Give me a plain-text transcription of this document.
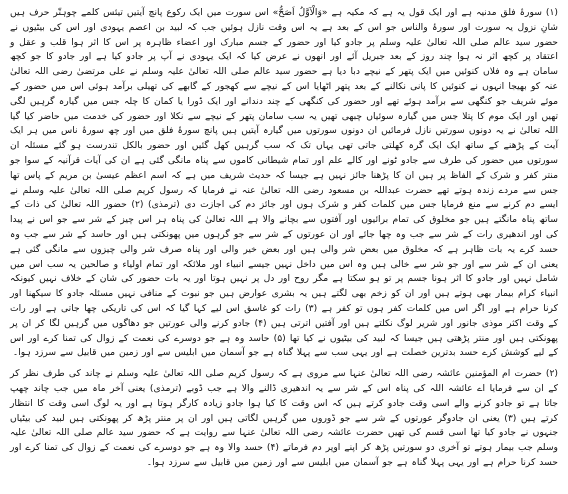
(۱) سورۂ فلق مدنیہ ہے اور ایک قول یہ ہے کہ مکیہ ہے «وَالْاَوَّلُ اَصَحُّ» اس سورت میں ایک رکوع پانچ آیتیں تیئس کلمے چوہتّر حرف ہیں شانِ نزول یہ سورت اور سورۂ والناس جو اس کے بعد ہے یہ اس وقت نازل ہوئیں جب کہ لبید بن اعصم یہودی اور اس کی بیٹیوں نے حضور سید عالم صلی اللہ تعالیٰ علیہ وسلم پر جادو کیا اور حضور کے جسم مبارک اور اعضاء ظاہرہ پر اس کا اثر ہوا قلب و عقل و اعتقاد پر کچھ اثر نہ ہوا چند روز کے بعد جبریل آئے اور انھوں نے عرض کیا کہ ایک یہودی نے آپ پر جادو کیا ہے اور جادو کا جو کچھ سامان ہے وہ فلاں کنوئیں میں ایک پتھر کے نیچے دبا دیا ہے حضور سید عالم صلی اللہ تعالیٰ علیہ وسلم نے علی مرتضیٰ رضی اللہ تعالیٰ عنہ کو بھیجا انہوں نے کنوئیں کا پانی نکالنے کے بعد پتھر اٹھایا اس کے نیچے سے کھجور کے گابھے کی تھیلی برآمد ہوئی اس میں حضور کے موئے شریف جو کنگھی سے برآمد ہوئے تھے اور حضور کی کنگھی کے چند دندانے اور ایک ڈورا یا کمان کا چلہ جس میں گیارہ گرہیں لگی تھیں اور ایک موم کا پتلا جس میں گیارہ سوئیاں چبھی تھیں یہ سب سامان پتھر کے نیچے سے نکلا اور حضور کی خدمت میں حاضر کیا گیا اللہ تعالیٰ نے یہ دونوں سورتیں نازل فرمائیں ان دونوں سورتوں میں گیارہ آیتیں ہیں پانچ سورۂ فلق میں اور چھ سورۂ ناس میں ہر ایک آیت کے پڑھنے کے ساتھ ایک ایک گرہ کھلتی جاتی تھی یہاں تک کہ سب گرہیں کھل گئیں اور حضور بالکل تندرست ہو گئے مسئلہ ان سورتوں میں حضور کی طرف سے جادو ٹونے اور کالے علم اور تمام شیطانی کاموں سے پناہ مانگی گئی ہے ان کی آیات قرآنیہ کے سوا جو منتر کفر و شرک کے الفاظ پر ہیں ان کا پڑھنا جائز نہیں ہے جیسا کہ حدیث شریف میں ہے کہ اسم اعظم عیسیٰ بن مریم کے پاس تھا جس سے مردے زندہ ہوتے تھے حضرت عبداللہ بن مسعود رضی اللہ تعالیٰ عنہ نے فرمایا کہ رسول کریم صلی اللہ تعالیٰ علیہ وسلم نے ایسے دم کرنے سے منع فرمایا جس میں کلمات کفر و شرک ہوں اور جائز دم کی اجازت دی (ترمذی) (۲) حضور اللہ تعالیٰ کی ذات کے ساتھ پناہ مانگتے ہیں جو مخلوق کی تمام برائیوں اور آفتوں سے بچانے والا ہے اللہ تعالیٰ کی پناہ ہر اس چیز کے شر سے جو اس نے پیدا کی اور اندھیری رات کے شر سے جب وہ چھا جائے اور ان عورتوں کے شر سے جو گرہوں میں پھونکتی ہیں اور حاسد کے شر سے جب وہ حسد کرے یہ بات ظاہر ہے کہ مخلوق میں بعض شر والی ہیں اور بعض خیر والی اور پناہ صرف شر والی چیزوں سے مانگی گئی ہے یعنی ان کے شر سے اور جو شر سے خالی ہیں وہ اس میں داخل نہیں جیسے انبیاء اور ملائکہ اور تمام اولیاء و صالحین یہ سب اس میں شامل نہیں اور جادو کا اثر ہونا جسم پر تو ہو سکتا ہے مگر روح اور دل پر نہیں ہوتا اور یہ بات حضور کی شان کے خلاف نہیں کیونکہ انبیاء کرام بیمار بھی ہوتے ہیں اور ان کو زخم بھی لگتے ہیں یہ بشری عوارض ہیں جو نبوت کے منافی نہیں مسئلہ جادو کا سیکھنا اور کرنا حرام ہے اور اگر اس میں کلمات کفر ہوں تو کفر ہے (۳) رات کو غاسق اس لیے کہا گیا کہ اس کی تاریکی چھا جاتی ہے اور رات کے وقت اکثر موذی جانور اور شریر لوگ نکلتے ہیں اور آفتیں اترتی ہیں (۴) جادو کرنے والی عورتیں جو دھاگوں میں گرہیں لگا کر ان پر پھونکتی ہیں اور منتر پڑھتی ہیں جیسا کہ لبید کی بیٹیوں نے کیا تھا (۵) حاسد وہ ہے جو دوسرے کی نعمت کے زوال کی تمنا کرے اور اس کے لیے کوشش کرے حسد بدترین خصلت ہے اور یہی سب سے پہلا گناہ ہے جو آسمان میں ابلیس سے اور زمین میں قابیل سے سرزد ہوا۔

(۲) حضرت ام المؤمنین عائشہ رضی اللہ تعالیٰ عنہا سے مروی ہے کہ رسول کریم صلی اللہ تعالیٰ علیہ وسلم نے چاند کی طرف نظر کر کے ان سے فرمایا اے عائشہ اللہ کی پناہ اس کے شر سے یہ اندھیری ڈالنے والا ہے جب ڈوبے (ترمذی) یعنی آخر ماہ میں جب چاند چھپ جاتا ہے تو جادو کرنے والے اسی وقت جادو کرتے ہیں کہ اس وقت کا کیا ہوا جادو زیادہ کارگر ہوتا ہے اور یہ لوگ اسی وقت کا انتظار کرتے ہیں (۳) یعنی ان جادوگر عورتوں کے شر سے جو ڈوروں میں گرہیں لگاتی ہیں اور ان پر منتر پڑھ کر پھونکتی ہیں لبید کی بیٹیاں جنہوں نے جادو کیا تھا اسی قسم کی تھیں حضرت عائشہ رضی اللہ تعالیٰ عنہا سے روایت ہے کہ حضور سید عالم صلی اللہ تعالیٰ علیہ وسلم جب بیمار ہوتے تو آخری دو سورتیں پڑھ کر اپنے اوپر دم فرماتے (۴) حسد والا وہ ہے جو دوسرے کی نعمت کے زوال کی تمنا کرے اور حسد کرنا حرام ہے اور یہی پہلا گناہ ہے جو آسمان میں ابلیس سے اور زمین میں قابیل سے سرزد ہوا۔
